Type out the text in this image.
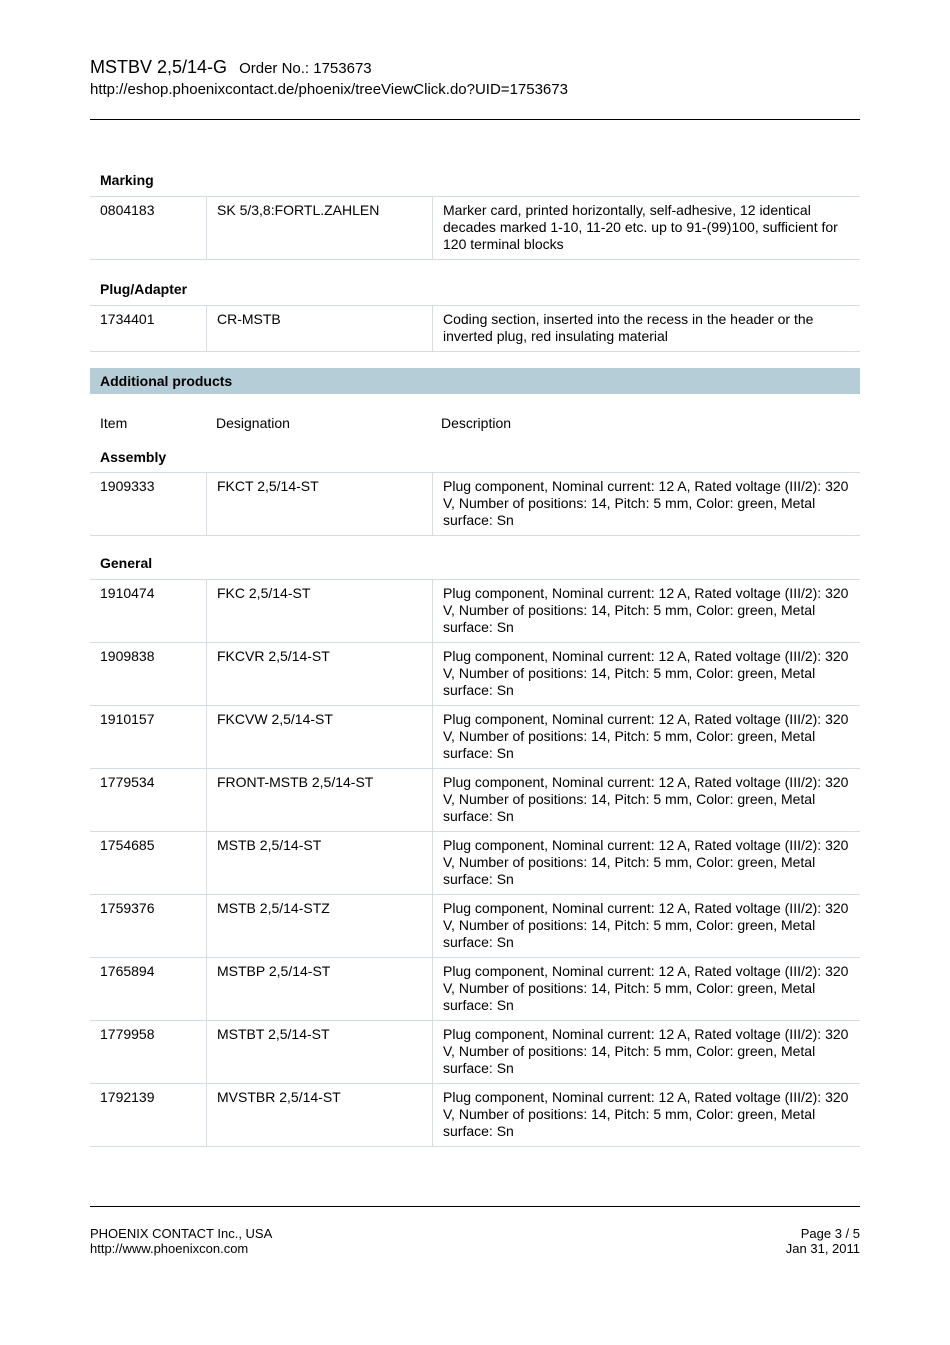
MSTBV 2,5/14-G Order No.: 1753673
http://eshop.phoenixcontact.de/phoenix/treeViewClick.do?UID=1753673
Marking
0804183	SK 5/3,8:FORTL.ZAHLEN	Marker card, printed horizontally, self-adhesive, 12 identical decades marked 1-10, 11-20 etc. up to 91-(99)100, sufficient for 120 terminal blocks
Plug/Adapter
1734401	CR-MSTB	Coding section, inserted into the recess in the header or the inverted plug, red insulating material
Additional products
Item	Designation	Description
Assembly
1909333	FKCT 2,5/14-ST	Plug component, Nominal current: 12 A, Rated voltage (III/2): 320 V, Number of positions: 14, Pitch: 5 mm, Color: green, Metal surface: Sn
General
1910474	FKC 2,5/14-ST	Plug component, Nominal current: 12 A, Rated voltage (III/2): 320 V, Number of positions: 14, Pitch: 5 mm, Color: green, Metal surface: Sn
1909838	FKCVR 2,5/14-ST	Plug component, Nominal current: 12 A, Rated voltage (III/2): 320 V, Number of positions: 14, Pitch: 5 mm, Color: green, Metal surface: Sn
1910157	FKCVW 2,5/14-ST	Plug component, Nominal current: 12 A, Rated voltage (III/2): 320 V, Number of positions: 14, Pitch: 5 mm, Color: green, Metal surface: Sn
1779534	FRONT-MSTB 2,5/14-ST	Plug component, Nominal current: 12 A, Rated voltage (III/2): 320 V, Number of positions: 14, Pitch: 5 mm, Color: green, Metal surface: Sn
1754685	MSTB 2,5/14-ST	Plug component, Nominal current: 12 A, Rated voltage (III/2): 320 V, Number of positions: 14, Pitch: 5 mm, Color: green, Metal surface: Sn
1759376	MSTB 2,5/14-STZ	Plug component, Nominal current: 12 A, Rated voltage (III/2): 320 V, Number of positions: 14, Pitch: 5 mm, Color: green, Metal surface: Sn
1765894	MSTBP 2,5/14-ST	Plug component, Nominal current: 12 A, Rated voltage (III/2): 320 V, Number of positions: 14, Pitch: 5 mm, Color: green, Metal surface: Sn
1779958	MSTBT 2,5/14-ST	Plug component, Nominal current: 12 A, Rated voltage (III/2): 320 V, Number of positions: 14, Pitch: 5 mm, Color: green, Metal surface: Sn
1792139	MVSTBR 2,5/14-ST	Plug component, Nominal current: 12 A, Rated voltage (III/2): 320 V, Number of positions: 14, Pitch: 5 mm, Color: green, Metal surface: Sn
PHOENIX CONTACT Inc., USA
http://www.phoenixcon.com
Page 3 / 5
Jan 31, 2011
